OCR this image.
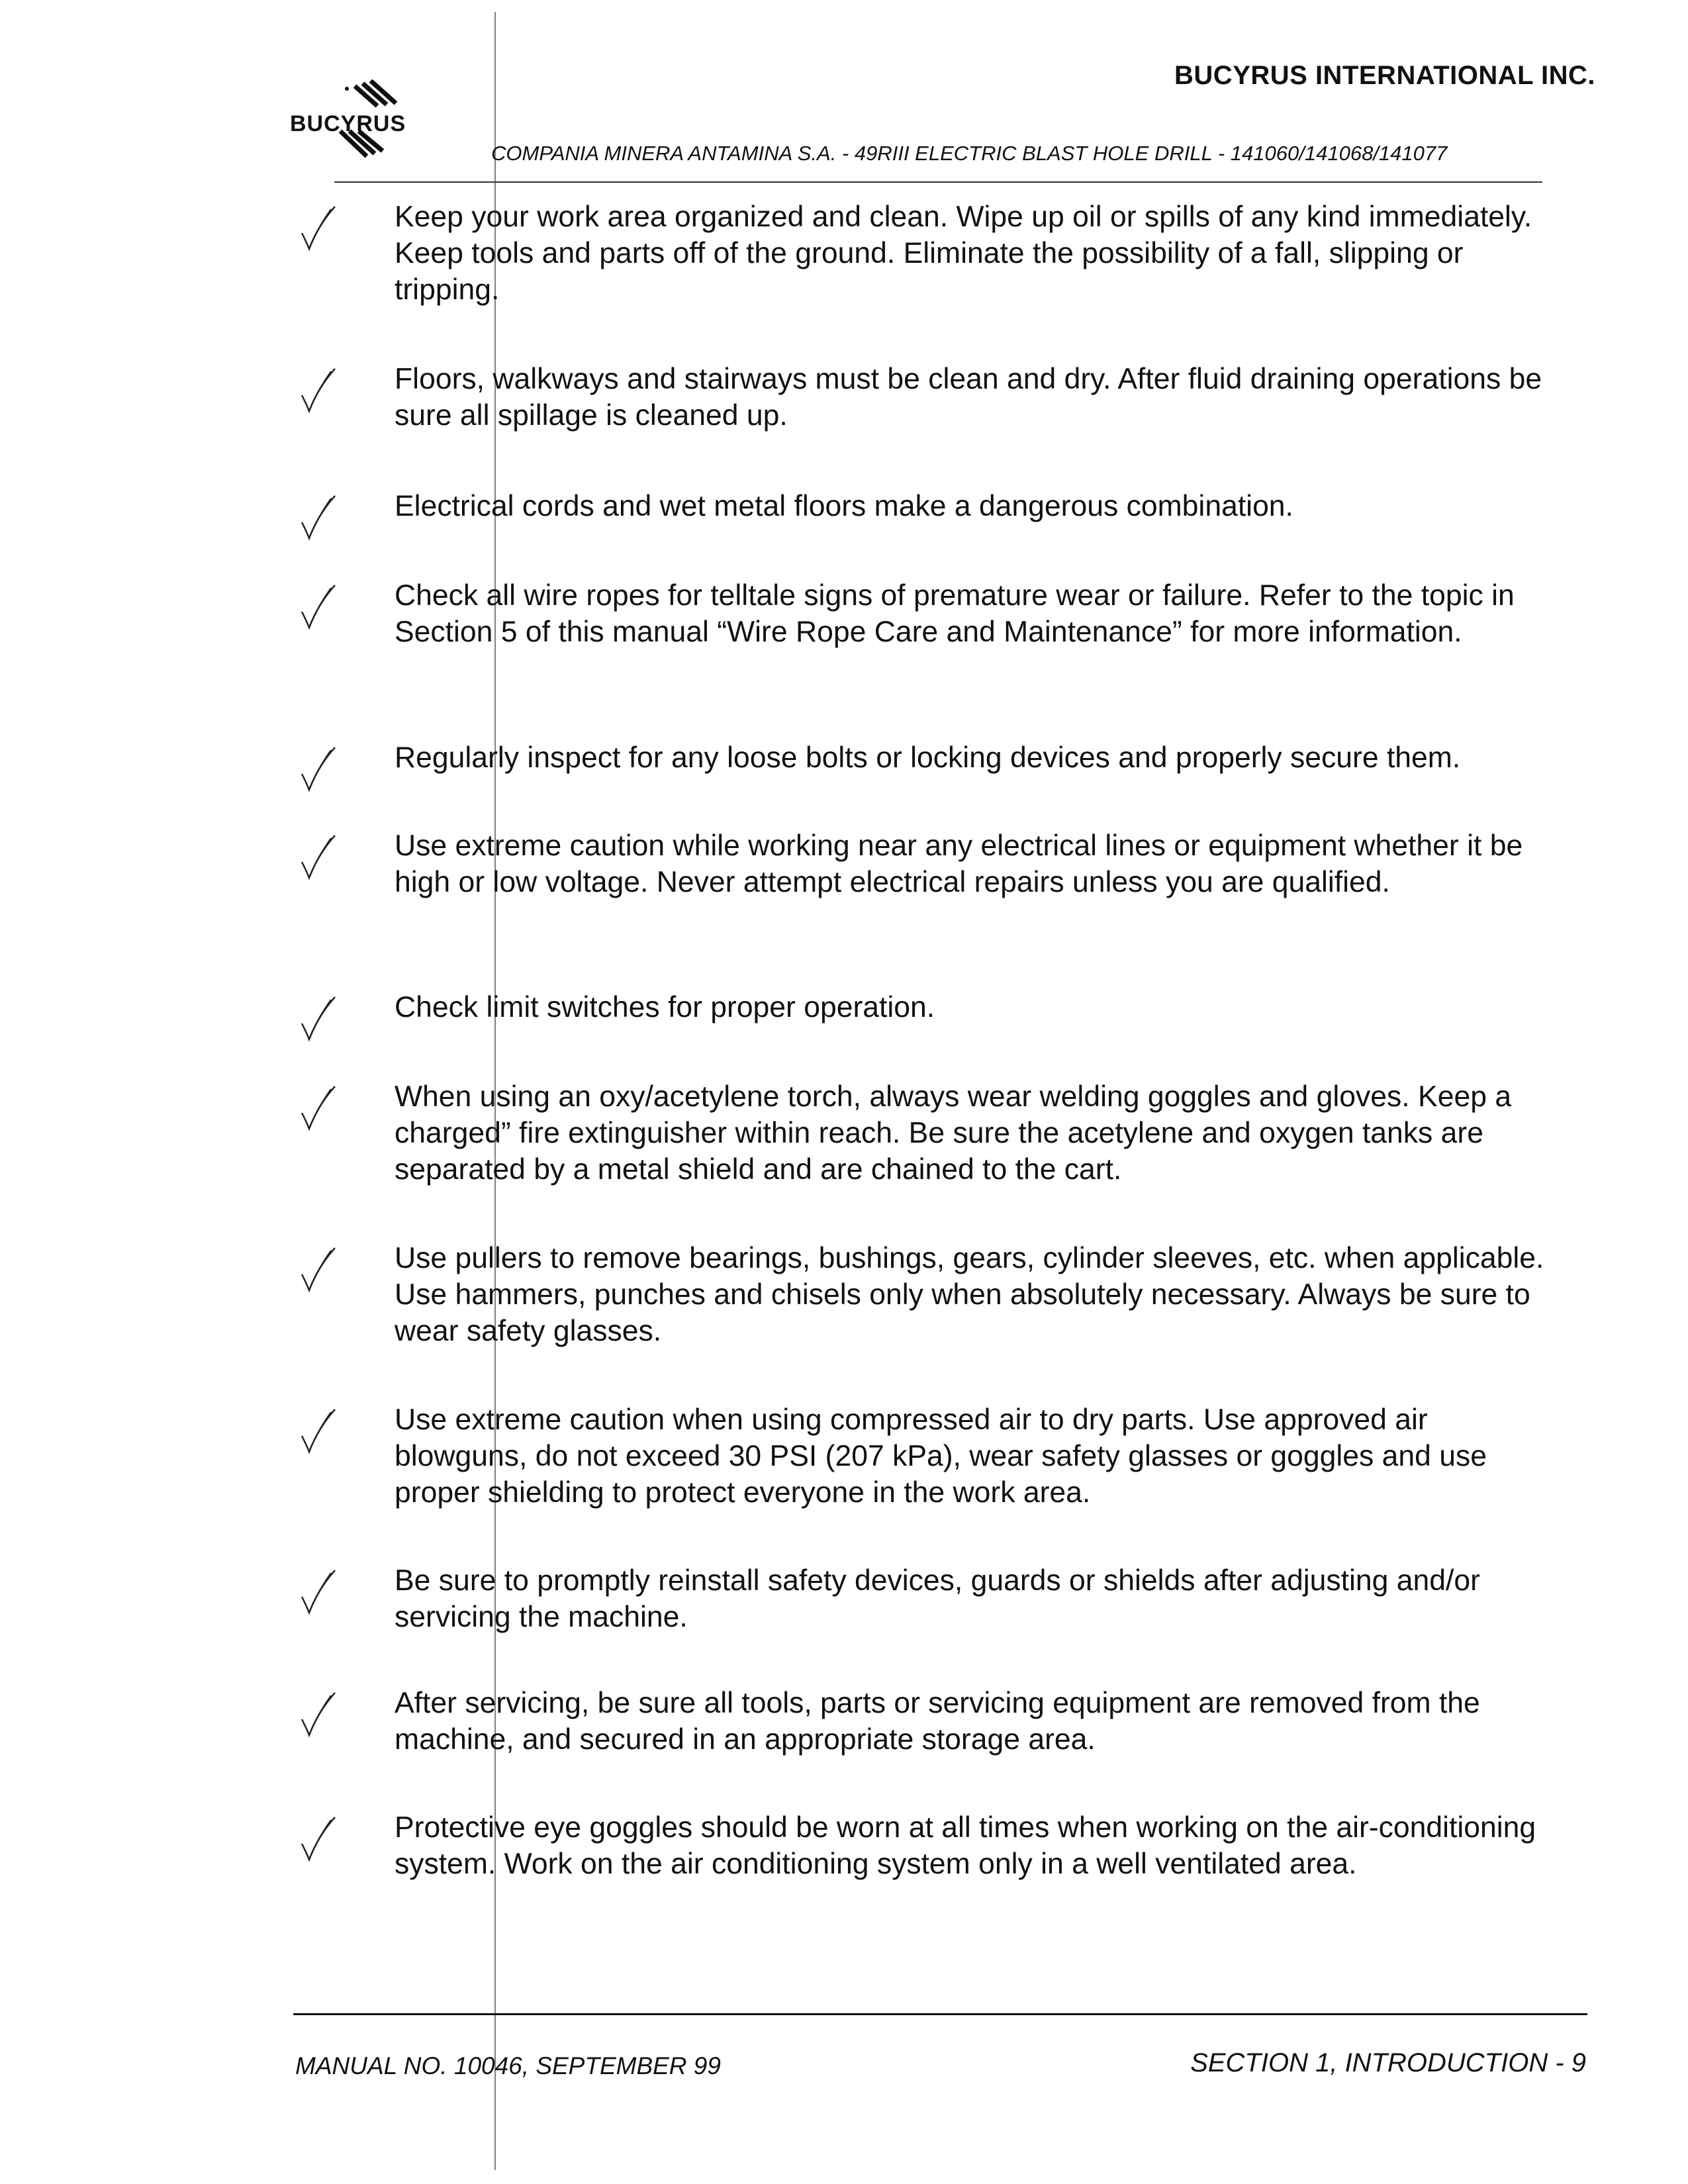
BUCYRUS INTERNATIONAL INC.
BUCYRUS
COMPANIA MINERA ANTAMINA S.A. - 49RIII ELECTRIC BLAST HOLE DRILL - 141060/141068/141077
Keep your work area organized and clean. Wipe up oil or spills of any kind immediately. Keep tools and parts off of the ground. Eliminate the possibility of a fall, slipping or tripping.
Floors, walkways and stairways must be clean and dry. After fluid draining operations be sure all spillage is cleaned up.
Electrical cords and wet metal floors make a dangerous combination.
Check all wire ropes for telltale signs of premature wear or failure. Refer to the topic in Section 5 of this manual “Wire Rope Care and Maintenance” for more information.
Regularly inspect for any loose bolts or locking devices and properly secure them.
Use extreme caution while working near any electrical lines or equipment whether it be high or low voltage. Never attempt electrical repairs unless you are qualified.
Check limit switches for proper operation.
When using an oxy/acetylene torch, always wear welding goggles and gloves. Keep a charged” fire extinguisher within reach. Be sure the acetylene and oxygen tanks are separated by a metal shield and are chained to the cart.
Use pullers to remove bearings, bushings, gears, cylinder sleeves, etc. when applicable. Use hammers, punches and chisels only when absolutely necessary. Always be sure to wear safety glasses.
Use extreme caution when using compressed air to dry parts. Use approved air blowguns, do not exceed 30 PSI (207 kPa), wear safety glasses or goggles and use proper shielding to protect everyone in the work area.
Be sure to promptly reinstall safety devices, guards or shields after adjusting and/or servicing the machine.
After servicing, be sure all tools, parts or servicing equipment are removed from the machine, and secured in an appropriate storage area.
Protective eye goggles should be worn at all times when working on the air-conditioning system. Work on the air conditioning system only in a well ventilated area.
MANUAL NO. 10046, SEPTEMBER 99	SECTION 1, INTRODUCTION - 9
